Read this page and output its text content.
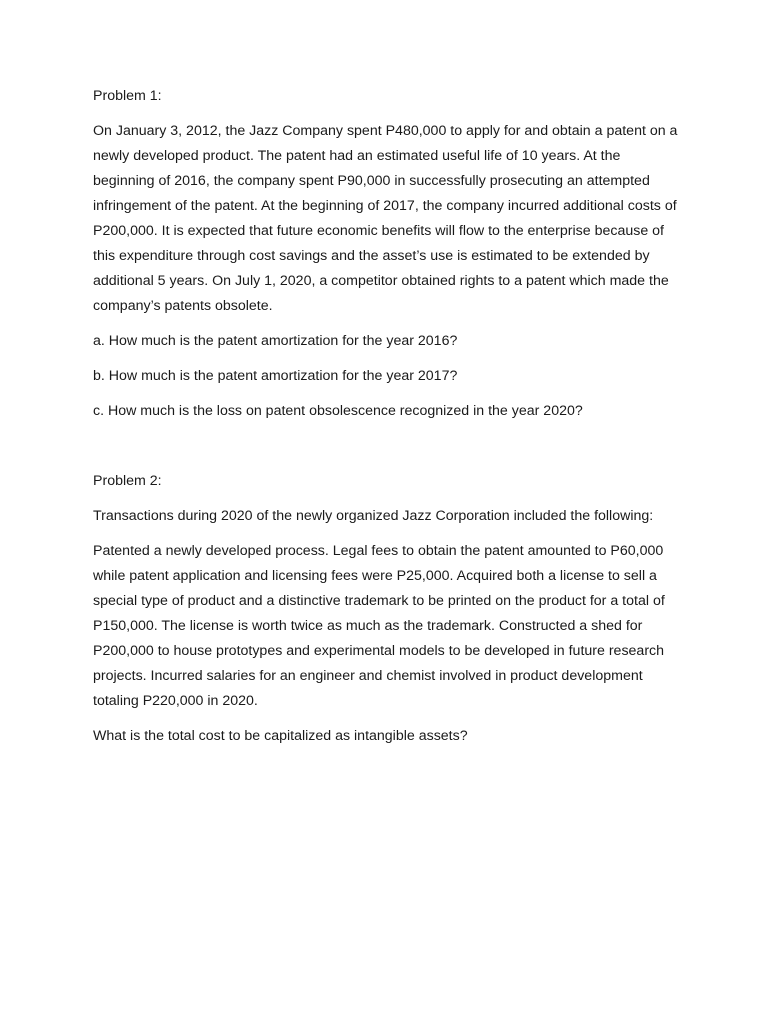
Problem 1:

On January 3, 2012, the Jazz Company spent P480,000 to apply for and obtain a patent on a newly developed product. The patent had an estimated useful life of 10 years. At the beginning of 2016, the company spent P90,000 in successfully prosecuting an attempted infringement of the patent. At the beginning of 2017, the company incurred additional costs of P200,000. It is expected that future economic benefits will flow to the enterprise because of this expenditure through cost savings and the asset’s use is estimated to be extended by additional 5 years. On July 1, 2020, a competitor obtained rights to a patent which made the company’s patents obsolete.

a. How much is the patent amortization for the year 2016?

b. How much is the patent amortization for the year 2017?

c. How much is the loss on patent obsolescence recognized in the year 2020?

Problem 2:

Transactions during 2020 of the newly organized Jazz Corporation included the following:

Patented a newly developed process. Legal fees to obtain the patent amounted to P60,000 while patent application and licensing fees were P25,000. Acquired both a license to sell a special type of product and a distinctive trademark to be printed on the product for a total of P150,000. The license is worth twice as much as the trademark. Constructed a shed for P200,000 to house prototypes and experimental models to be developed in future research projects. Incurred salaries for an engineer and chemist involved in product development totaling P220,000 in 2020.

What is the total cost to be capitalized as intangible assets?
